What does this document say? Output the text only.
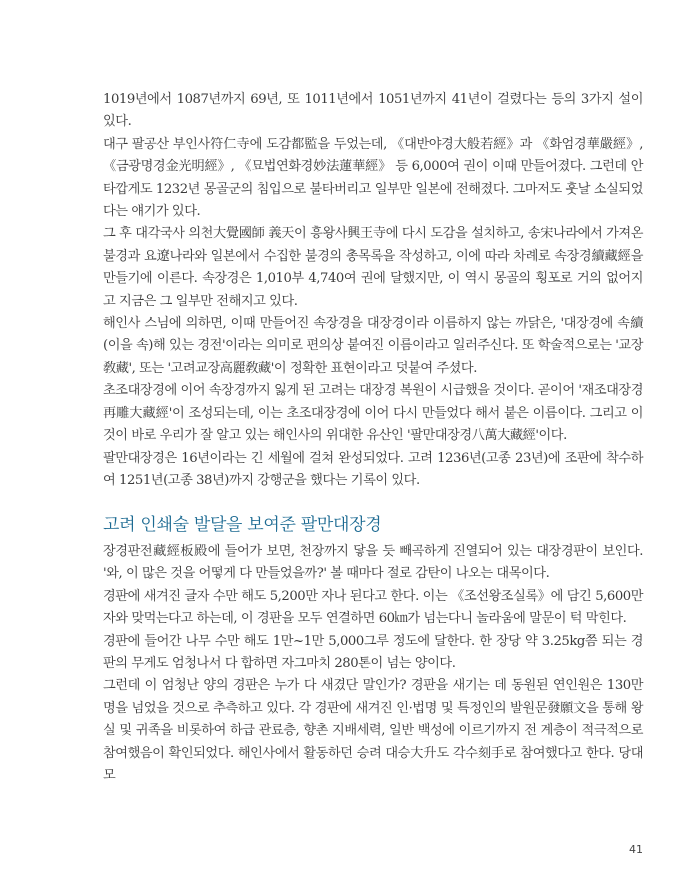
1019년에서 1087년까지 69년, 또 1011년에서 1051년까지 41년이 걸렸다는 등의 3가지 설이 있다.

대구 팔공산 부인사符仁寺에 도감都監을 두었는데, 《대반야경大般若經》과 《화엄경華嚴經》, 《금광명경金光明經》, 《묘법연화경妙法蓮華經》 등 6,000여 권이 이때 만들어졌다. 그런데 안타깝게도 1232년 몽골군의 침입으로 불타버리고 일부만 일본에 전해졌다. 그마저도 훗날 소실되었다는 얘기가 있다.

그 후 대각국사 의천大覺國師 義天이 흥왕사興王寺에 다시 도감을 설치하고, 송宋나라에서 가져온 불경과 요遼나라와 일본에서 수집한 불경의 총목록을 작성하고, 이에 따라 차례로 속장경續藏經을 만들기에 이른다. 속장경은 1,010부 4,740여 권에 달했지만, 이 역시 몽골의 횡포로 거의 없어지고 지금은 그 일부만 전해지고 있다.

해인사 스님에 의하면, 이때 만들어진 속장경을 대장경이라 이름하지 않는 까닭은, '대장경에 속續(이을 속)해 있는 경전'이라는 의미로 편의상 붙여진 이름이라고 일러주신다. 또 학술적으로는 '교장敎藏', 또는 '고려교장高麗敎藏'이 정확한 표현이라고 덧붙여 주셨다.

초조대장경에 이어 속장경까지 잃게 된 고려는 대장경 복원이 시급했을 것이다. 곧이어 '재조대장경再雕大藏經'이 조성되는데, 이는 초조대장경에 이어 다시 만들었다 해서 붙은 이름이다. 그리고 이것이 바로 우리가 잘 알고 있는 해인사의 위대한 유산인 '팔만대장경八萬大藏經'이다.

팔만대장경은 16년이라는 긴 세월에 걸쳐 완성되었다. 고려 1236년(고종 23년)에 조판에 착수하여 1251년(고종 38년)까지 강행군을 했다는 기록이 있다.

고려 인쇄술 발달을 보여준 팔만대장경

장경판전藏經板殿에 들어가 보면, 천장까지 닿을 듯 빼곡하게 진열되어 있는 대장경판이 보인다. '와, 이 많은 것을 어떻게 다 만들었을까?' 볼 때마다 절로 감탄이 나오는 대목이다.

경판에 새겨진 글자 수만 해도 5,200만 자나 된다고 한다. 이는 《조선왕조실록》에 담긴 5,600만 자와 맞먹는다고 하는데, 이 경판을 모두 연결하면 60㎞가 넘는다니 놀라움에 말문이 턱 막힌다.

경판에 들어간 나무 수만 해도 1만~1만 5,000그루 정도에 달한다. 한 장당 약 3.25kg쯤 되는 경판의 무게도 엄청나서 다 합하면 자그마치 280톤이 넘는 양이다.

그런데 이 엄청난 양의 경판은 누가 다 새겼단 말인가? 경판을 새기는 데 동원된 연인원은 130만 명을 넘었을 것으로 추측하고 있다. 각 경판에 새겨진 인·법명 및 특정인의 발원문發願文을 통해 왕실 및 귀족을 비롯하여 하급 관료층, 향촌 지배세력, 일반 백성에 이르기까지 전 계층이 적극적으로 참여했음이 확인되었다. 해인사에서 활동하던 승려 대승大升도 각수刻手로 참여했다고 한다. 당대 모

41
